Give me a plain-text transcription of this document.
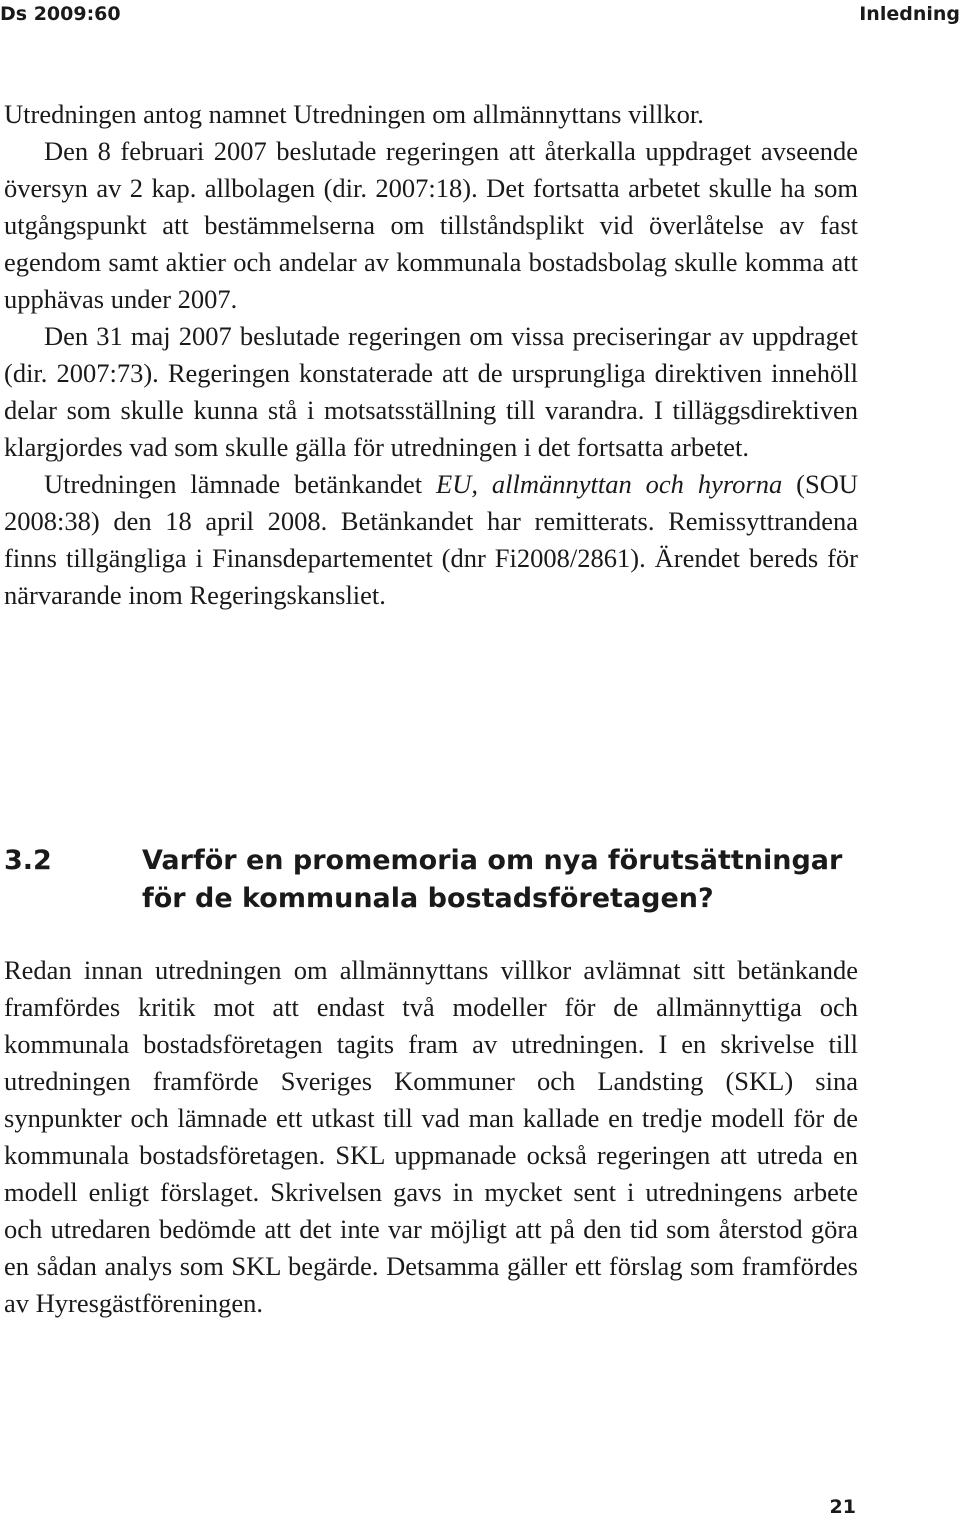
Ds 2009:60	Inledning

Utredningen antog namnet Utredningen om allmännyttans villkor.

Den 8 februari 2007 beslutade regeringen att återkalla uppdraget avseende översyn av 2 kap. allbolagen (dir. 2007:18). Det fortsatta arbetet skulle ha som utgångspunkt att bestämmelserna om tillståndsplikt vid överlåtelse av fast egendom samt aktier och andelar av kommunala bostadsbolag skulle komma att upphävas under 2007.

Den 31 maj 2007 beslutade regeringen om vissa preciseringar av uppdraget (dir. 2007:73). Regeringen konstaterade att de ursprungliga direktiven innehöll delar som skulle kunna stå i motsatsställning till varandra. I tilläggsdirektiven klargjordes vad som skulle gälla för utredningen i det fortsatta arbetet.

Utredningen lämnade betänkandet EU, allmännyttan och hyrorna (SOU 2008:38) den 18 april 2008. Betänkandet har remitterats. Remissyttrandena finns tillgängliga i Finansdepartementet (dnr Fi2008/2861). Ärendet bereds för närvarande inom Regeringskansliet.

3.2	Varför en promemoria om nya förutsättningar för de kommunala bostadsföretagen?

Redan innan utredningen om allmännyttans villkor avlämnat sitt betänkande framfördes kritik mot att endast två modeller för de allmännyttiga och kommunala bostadsföretagen tagits fram av utredningen. I en skrivelse till utredningen framförde Sveriges Kommuner och Landsting (SKL) sina synpunkter och lämnade ett utkast till vad man kallade en tredje modell för de kommunala bostadsföretagen. SKL uppmanade också regeringen att utreda en modell enligt förslaget. Skrivelsen gavs in mycket sent i utredningens arbete och utredaren bedömde att det inte var möjligt att på den tid som återstod göra en sådan analys som SKL begärde. Detsamma gäller ett förslag som framfördes av Hyresgästföreningen.

21
